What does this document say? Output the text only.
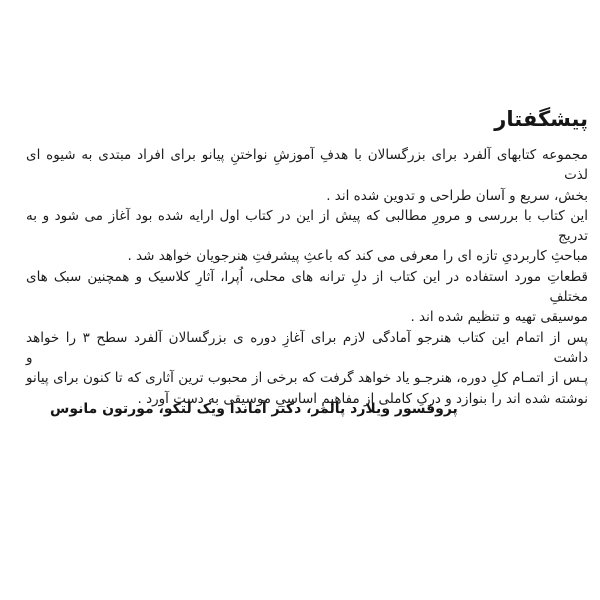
پیشگفتار
مجموعه کتابهای آلفرد برای بزرگسالان با هدفِ آموزشِ نواختنِ پیانو برای افراد مبتدی به شیوه ای لذت
بخش، سریع و آسان طراحی و تدوین شده اند .
این کتاب با بررسی و مرورِ مطالبی که پیش از این در کتاب اول ارایه شده بود آغاز می شود و به تدریج
مباحثِ کاربردیِ تازه ای را معرفی می کند که باعثِ پیشرفتِ هنرجویان خواهد شد .
قطعاتِ مورد استفاده در این کتاب از دلِ ترانه های محلی، اُپرا، آثارِ کلاسیک و همچنین سبک های مختلفِ
موسیقی تهیه و تنظیم شده اند .
پس از اتمام این کتاب هنرجو آمادگی لازم برای آغازِ دوره ی بزرگسالان آلفرد سطح ۳ را خواهد داشت و
پـس از اتمـام کلِ دوره، هنرجـو یاد خواهد گرفت که برخی از محبوب ترین آثاری که تا کنون برای پیانو
نوشته شده اند را بنوازد و درکِ کاملی از مفاهیمِ اساسیِ موسیقی به دست آورد .
پروفسور ویلارد پالمر، دکتر آماندا ویک لتکو، مورتون مانوس
